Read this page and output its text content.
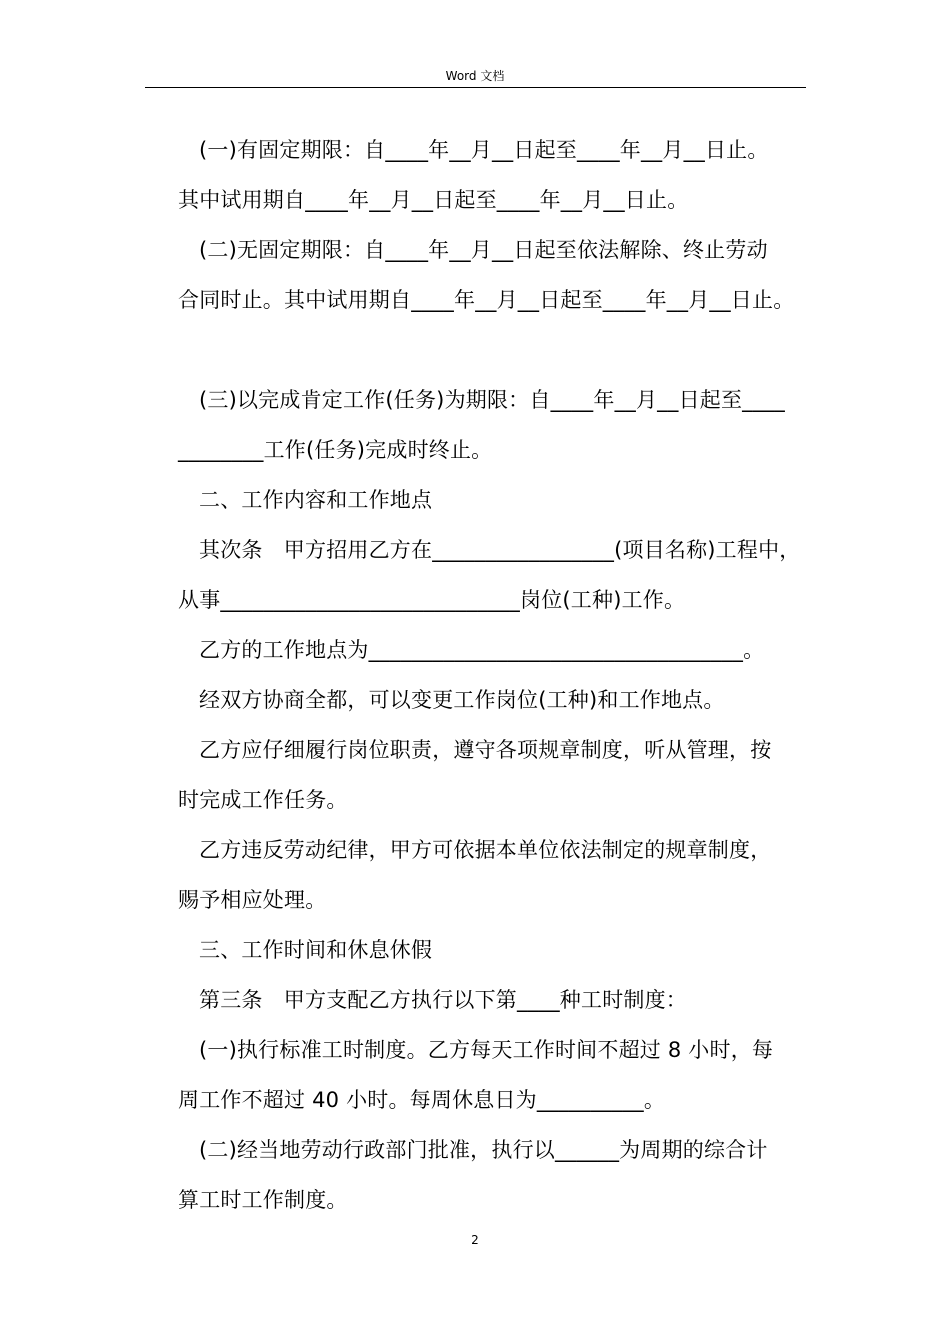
Word 文档
(一)有固定期限：自____年__月__日起至____年__月__日止。
其中试用期自____年__月__日起至____年__月__日止。
(二)无固定期限：自____年__月__日起至依法解除、终止劳动
合同时止。其中试用期自____年__月__日起至____年__月__日止。
(三)以完成肯定工作(任务)为期限：自____年__月__日起至____
________工作(任务)完成时终止。
二、工作内容和工作地点
其次条　甲方招用乙方在_________________(项目名称)工程中，
从事____________________________岗位(工种)工作。
乙方的工作地点为___________________________________。
经双方协商全都，可以变更工作岗位(工种)和工作地点。
乙方应仔细履行岗位职责，遵守各项规章制度，听从管理，按
时完成工作任务。
乙方违反劳动纪律，甲方可依据本单位依法制定的规章制度，
赐予相应处理。
三、工作时间和休息休假
第三条　甲方支配乙方执行以下第____种工时制度：
(一)执行标准工时制度。乙方每天工作时间不超过 8 小时，每
周工作不超过 40 小时。每周休息日为__________。
(二)经当地劳动行政部门批准，执行以______为周期的综合计
算工时工作制度。
2
